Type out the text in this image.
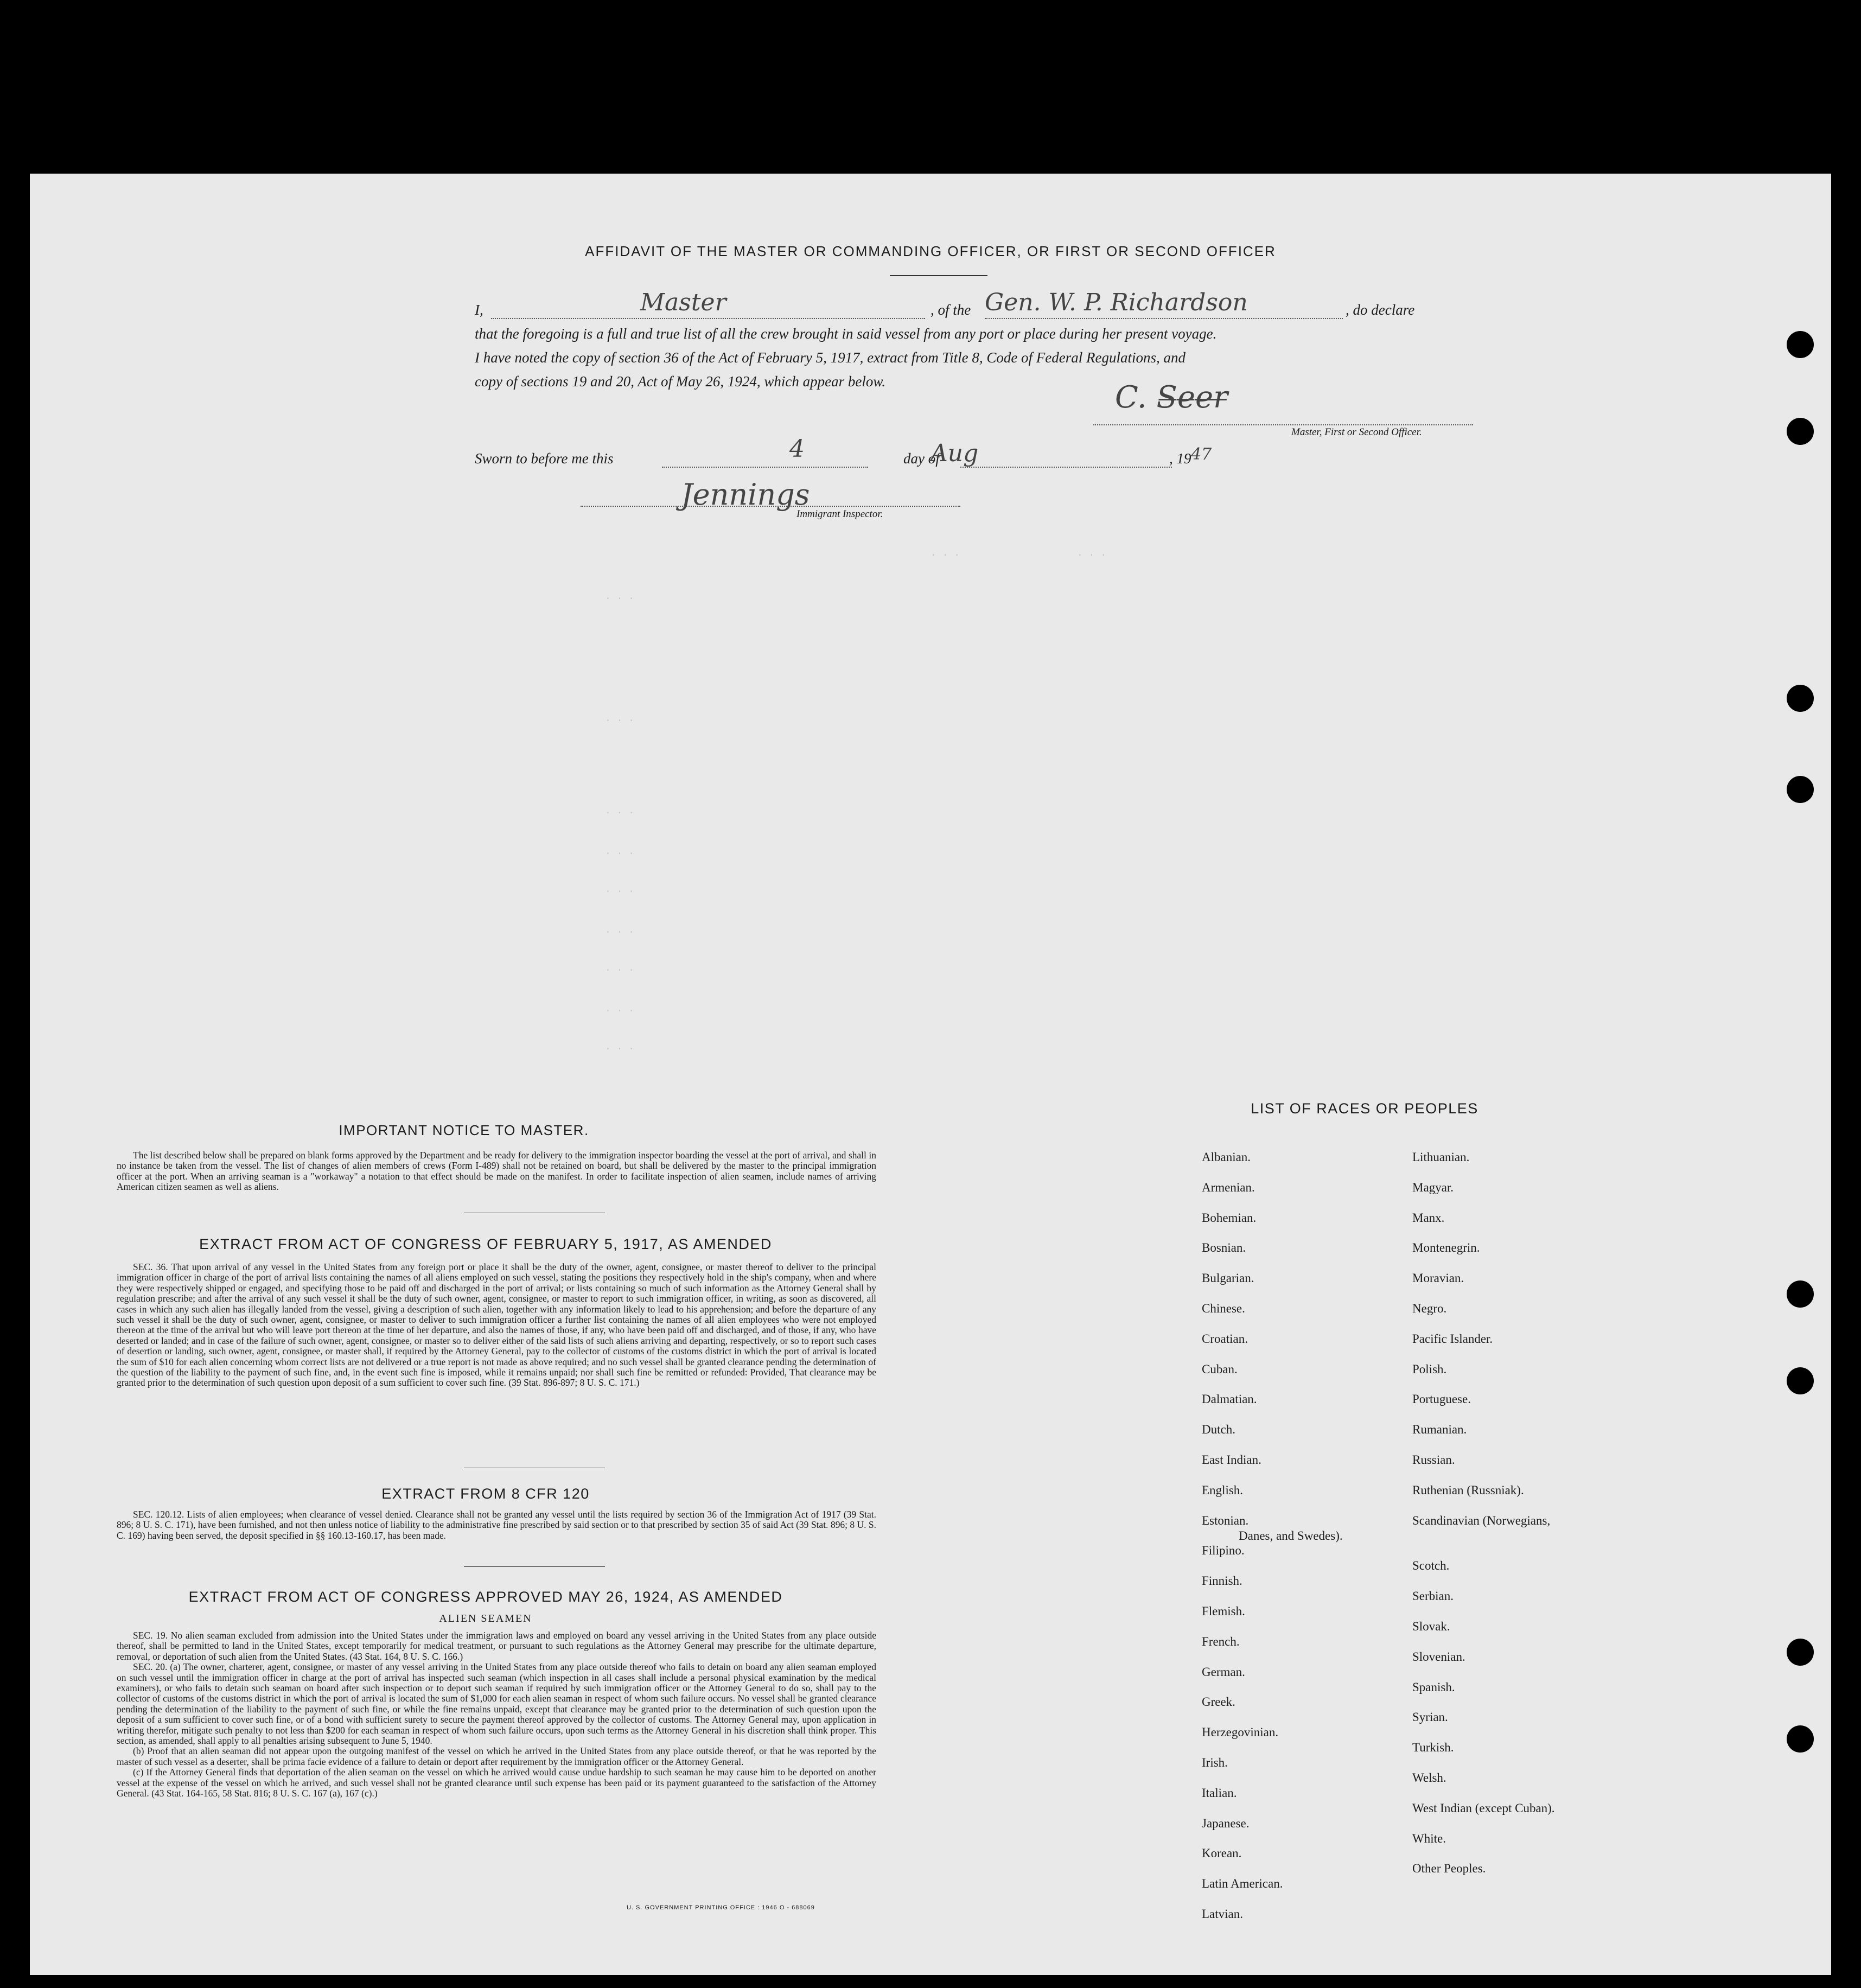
AFFIDAVIT OF THE MASTER OR COMMANDING OFFICER, OR FIRST OR SECOND OFFICER
I,	, of the	, do declare
Master	Gen. W. P. Richardson
that the foregoing is a full and true list of all the crew brought in said vessel from any port or place during her present voyage.
I have noted the copy of section 36 of the Act of February 5, 1917, extract from Title 8, Code of Federal Regulations, and
copy of sections 19 and 20, Act of May 26, 1924, which appear below.	C. S̶e̶e̶r̶
Master, First or Second Officer.
Sworn to before me this	day of	, 19
4	Aug	47
Jennings
Immigrant Inspector.
. . .                    . . .
. . .
. . .
. . .
. . .
. . .
. . .
. . .
. . .
. . .
IMPORTANT NOTICE TO MASTER.

The list described below shall be prepared on blank forms approved by the Department and be ready for delivery to the immigration inspector boarding the vessel at the port of arrival, and shall in no instance be taken from the vessel. The list of changes of alien members of crews (Form I-489) shall not be retained on board, but shall be delivered by the master to the principal immigration officer at the port. When an arriving seaman is a "workaway" a notation to that effect should be made on the manifest. In order to facilitate inspection of alien seamen, include names of arriving American citizen seamen as well as aliens.

EXTRACT FROM ACT OF CONGRESS OF FEBRUARY 5, 1917, AS AMENDED

SEC. 36. That upon arrival of any vessel in the United States from any foreign port or place it shall be the duty of the owner, agent, consignee, or master thereof to deliver to the principal immigration officer in charge of the port of arrival lists containing the names of all aliens employed on such vessel, stating the positions they respectively hold in the ship's company, when and where they were respectively shipped or engaged, and specifying those to be paid off and discharged in the port of arrival; or lists containing so much of such information as the Attorney General shall by regulation prescribe; and after the arrival of any such vessel it shall be the duty of such owner, agent, consignee, or master to report to such immigration officer, in writing, as soon as discovered, all cases in which any such alien has illegally landed from the vessel, giving a description of such alien, together with any information likely to lead to his apprehension; and before the departure of any such vessel it shall be the duty of such owner, agent, consignee, or master to deliver to such immigration officer a further list containing the names of all alien employees who were not employed thereon at the time of the arrival but who will leave port thereon at the time of her departure, and also the names of those, if any, who have been paid off and discharged, and of those, if any, who have deserted or landed; and in case of the failure of such owner, agent, consignee, or master so to deliver either of the said lists of such aliens arriving and departing, respectively, or so to report such cases of desertion or landing, such owner, agent, consignee, or master shall, if required by the Attorney General, pay to the collector of customs of the customs district in which the port of arrival is located the sum of $10 for each alien concerning whom correct lists are not delivered or a true report is not made as above required; and no such vessel shall be granted clearance pending the determination of the question of the liability to the payment of such fine, and, in the event such fine is imposed, while it remains unpaid; nor shall such fine be remitted or refunded: Provided, That clearance may be granted prior to the determination of such question upon deposit of a sum sufficient to cover such fine. (39 Stat. 896-897; 8 U. S. C. 171.)

EXTRACT FROM 8 CFR 120

SEC. 120.12. Lists of alien employees; when clearance of vessel denied. Clearance shall not be granted any vessel until the lists required by section 36 of the Immigration Act of 1917 (39 Stat. 896; 8 U. S. C. 171), have been furnished, and not then unless notice of liability to the administrative fine prescribed by said section or to that prescribed by section 35 of said Act (39 Stat. 896; 8 U. S. C. 169) having been served, the deposit specified in §§ 160.13-160.17, has been made.

EXTRACT FROM ACT OF CONGRESS APPROVED MAY 26, 1924, AS AMENDED
ALIEN SEAMEN

SEC. 19. No alien seaman excluded from admission into the United States under the immigration laws and employed on board any vessel arriving in the United States from any place outside thereof, shall be permitted to land in the United States, except temporarily for medical treatment, or pursuant to such regulations as the Attorney General may prescribe for the ultimate departure, removal, or deportation of such alien from the United States. (43 Stat. 164, 8 U. S. C. 166.)

SEC. 20. (a) The owner, charterer, agent, consignee, or master of any vessel arriving in the United States from any place outside thereof who fails to detain on board any alien seaman employed on such vessel until the immigration officer in charge at the port of arrival has inspected such seaman (which inspection in all cases shall include a personal physical examination by the medical examiners), or who fails to detain such seaman on board after such inspection or to deport such seaman if required by such immigration officer or the Attorney General to do so, shall pay to the collector of customs of the customs district in which the port of arrival is located the sum of $1,000 for each alien seaman in respect of whom such failure occurs. No vessel shall be granted clearance pending the determination of the liability to the payment of such fine, or while the fine remains unpaid, except that clearance may be granted prior to the determination of such question upon the deposit of a sum sufficient to cover such fine, or of a bond with sufficient surety to secure the payment thereof approved by the collector of customs. The Attorney General may, upon application in writing therefor, mitigate such penalty to not less than $200 for each seaman in respect of whom such failure occurs, upon such terms as the Attorney General in his discretion shall think proper. This section, as amended, shall apply to all penalties arising subsequent to June 5, 1940.

(b) Proof that an alien seaman did not appear upon the outgoing manifest of the vessel on which he arrived in the United States from any place outside thereof, or that he was reported by the master of such vessel as a deserter, shall be prima facie evidence of a failure to detain or deport after requirement by the immigration officer or the Attorney General.

(c) If the Attorney General finds that deportation of the alien seaman on the vessel on which he arrived would cause undue hardship to such seaman he may cause him to be deported on another vessel at the expense of the vessel on which he arrived, and such vessel shall not be granted clearance until such expense has been paid or its payment guaranteed to the satisfaction of the Attorney General. (43 Stat. 164-165, 58 Stat. 816; 8 U. S. C. 167 (a), 167 (c).)

LIST OF RACES OR PEOPLES
Albanian.
Armenian.
Bohemian.
Bosnian.
Bulgarian.
Chinese.
Croatian.
Cuban.
Dalmatian.
Dutch.
East Indian.
English.
Estonian.
Filipino.
Finnish.
Flemish.
French.
German.
Greek.
Herzegovinian.
Irish.
Italian.
Japanese.
Korean.
Latin American.
Latvian.
Lithuanian.
Magyar.
Manx.
Montenegrin.
Moravian.
Negro.
Pacific Islander.
Polish.
Portuguese.
Rumanian.
Russian.
Ruthenian (Russniak).
Scandinavian (Norwegians,
Danes, and Swedes).
Scotch.
Serbian.
Slovak.
Slovenian.
Spanish.
Syrian.
Turkish.
Welsh.
West Indian (except Cuban).
White.
Other Peoples.
U. S. GOVERNMENT PRINTING OFFICE : 1946 O - 688069
